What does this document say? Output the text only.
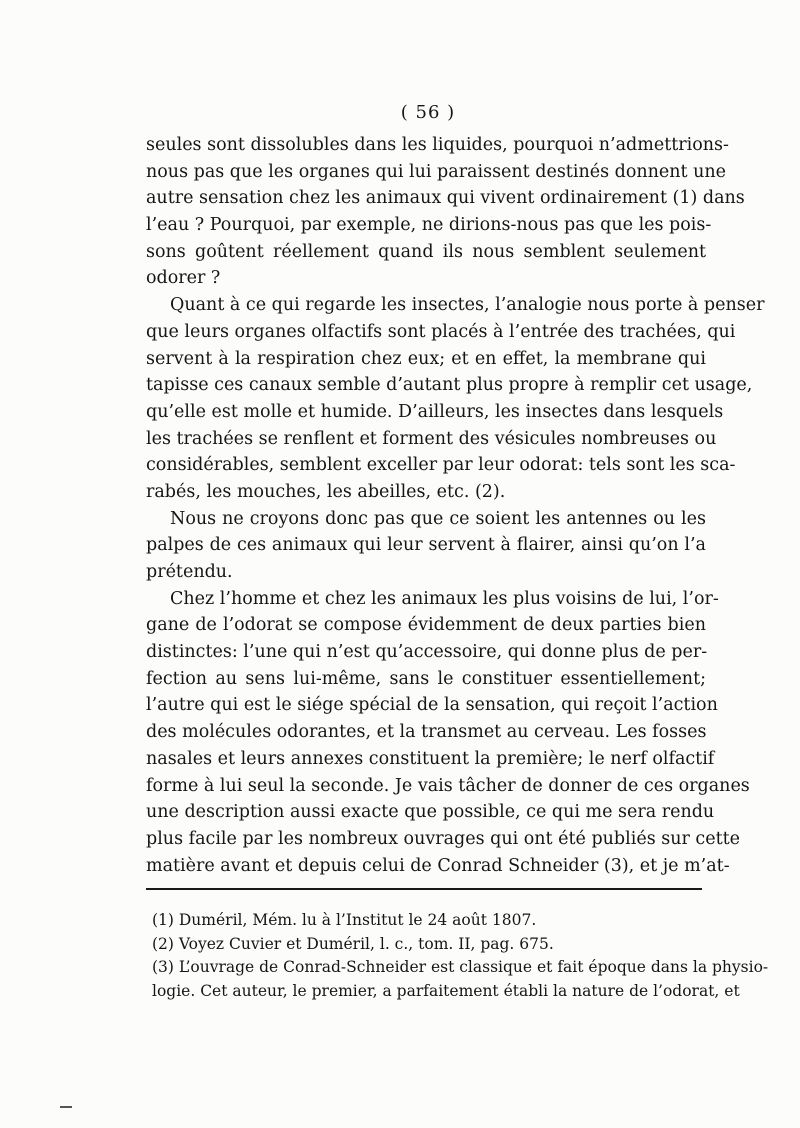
( 56 )
seules sont dissolubles dans les liquides, pourquoi n’admettrions-
nous pas que les organes qui lui paraissent destinés donnent une
autre sensation chez les animaux qui vivent ordinairement (1) dans
l’eau ? Pourquoi, par exemple, ne dirions-nous pas que les pois-
sons goûtent réellement quand ils nous semblent seulement
odorer ?
Quant à ce qui regarde les insectes, l’analogie nous porte à penser
que leurs organes olfactifs sont placés à l’entrée des trachées, qui
servent à la respiration chez eux; et en effet, la membrane qui
tapisse ces canaux semble d’autant plus propre à remplir cet usage,
qu’elle est molle et humide. D’ailleurs, les insectes dans lesquels
les trachées se renflent et forment des vésicules nombreuses ou
considérables, semblent exceller par leur odorat: tels sont les sca-
rabés, les mouches, les abeilles, etc. (2).
Nous ne croyons donc pas que ce soient les antennes ou les
palpes de ces animaux qui leur servent à flairer, ainsi qu’on l’a
prétendu.
Chez l’homme et chez les animaux les plus voisins de lui, l’or-
gane de l’odorat se compose évidemment de deux parties bien
distinctes: l’une qui n’est qu’accessoire, qui donne plus de per-
fection au sens lui-même, sans le constituer essentiellement;
l’autre qui est le siége spécial de la sensation, qui reçoit l’action
des molécules odorantes, et la transmet au cerveau. Les fosses
nasales et leurs annexes constituent la première; le nerf olfactif
forme à lui seul la seconde. Je vais tâcher de donner de ces organes
une description aussi exacte que possible, ce qui me sera rendu
plus facile par les nombreux ouvrages qui ont été publiés sur cette
matière avant et depuis celui de Conrad Schneider (3), et je m’at-
(1) Duméril, Mém. lu à l’Institut le 24 août 1807.
(2) Voyez Cuvier et Duméril, l. c., tom. II, pag. 675.
(3) L’ouvrage de Conrad-Schneider est classique et fait époque dans la physio-
logie. Cet auteur, le premier, a parfaitement établi la nature de l’odorat, et
